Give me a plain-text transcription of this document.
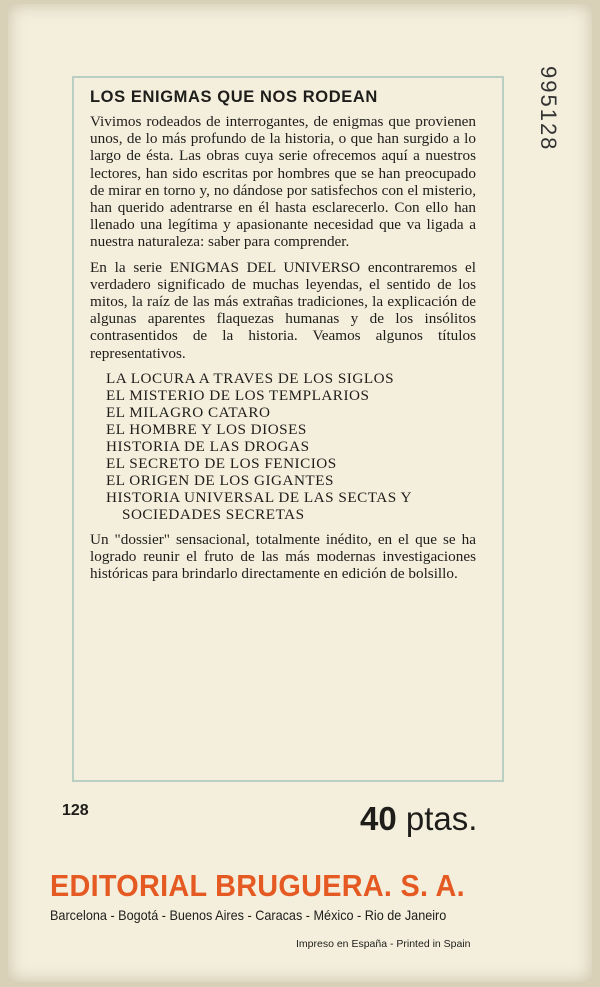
LOS ENIGMAS QUE NOS RODEAN

Vivimos rodeados de interrogantes, de enigmas que provienen unos, de lo más profundo de la historia, o que han surgido a lo largo de ésta. Las obras cuya serie ofrecemos aquí a nuestros lectores, han sido escritas por hombres que se han preocupado de mirar en torno y, no dándose por satisfechos con el misterio, han querido adentrarse en él hasta esclarecerlo. Con ello han llenado una legítima y apasionante necesidad que va ligada a nuestra naturaleza: saber para comprender.

En la serie ENIGMAS DEL UNIVERSO encontraremos el verdadero significado de muchas leyendas, el sentido de los mitos, la raíz de las más extrañas tradiciones, la explicación de algunas aparentes flaquezas humanas y de los insólitos contrasentidos de la historia. Veamos algunos títulos representativos.

LA LOCURA A TRAVES DE LOS SIGLOS
EL MISTERIO DE LOS TEMPLARIOS
EL MILAGRO CATARO
EL HOMBRE Y LOS DIOSES
HISTORIA DE LAS DROGAS
EL SECRETO DE LOS FENICIOS
EL ORIGEN DE LOS GIGANTES
HISTORIA UNIVERSAL DE LAS SECTAS Y SOCIEDADES SECRETAS

Un "dossier" sensacional, totalmente inédito, en el que se ha logrado reunir el fruto de las más modernas investigaciones históricas para brindarlo directamente en edición de bolsillo.

995128
128	40 ptas.
EDITORIAL BRUGUERA. S. A.
Barcelona - Bogotá - Buenos Aires - Caracas - México - Rio de Janeiro
Impreso en España - Printed in Spain
